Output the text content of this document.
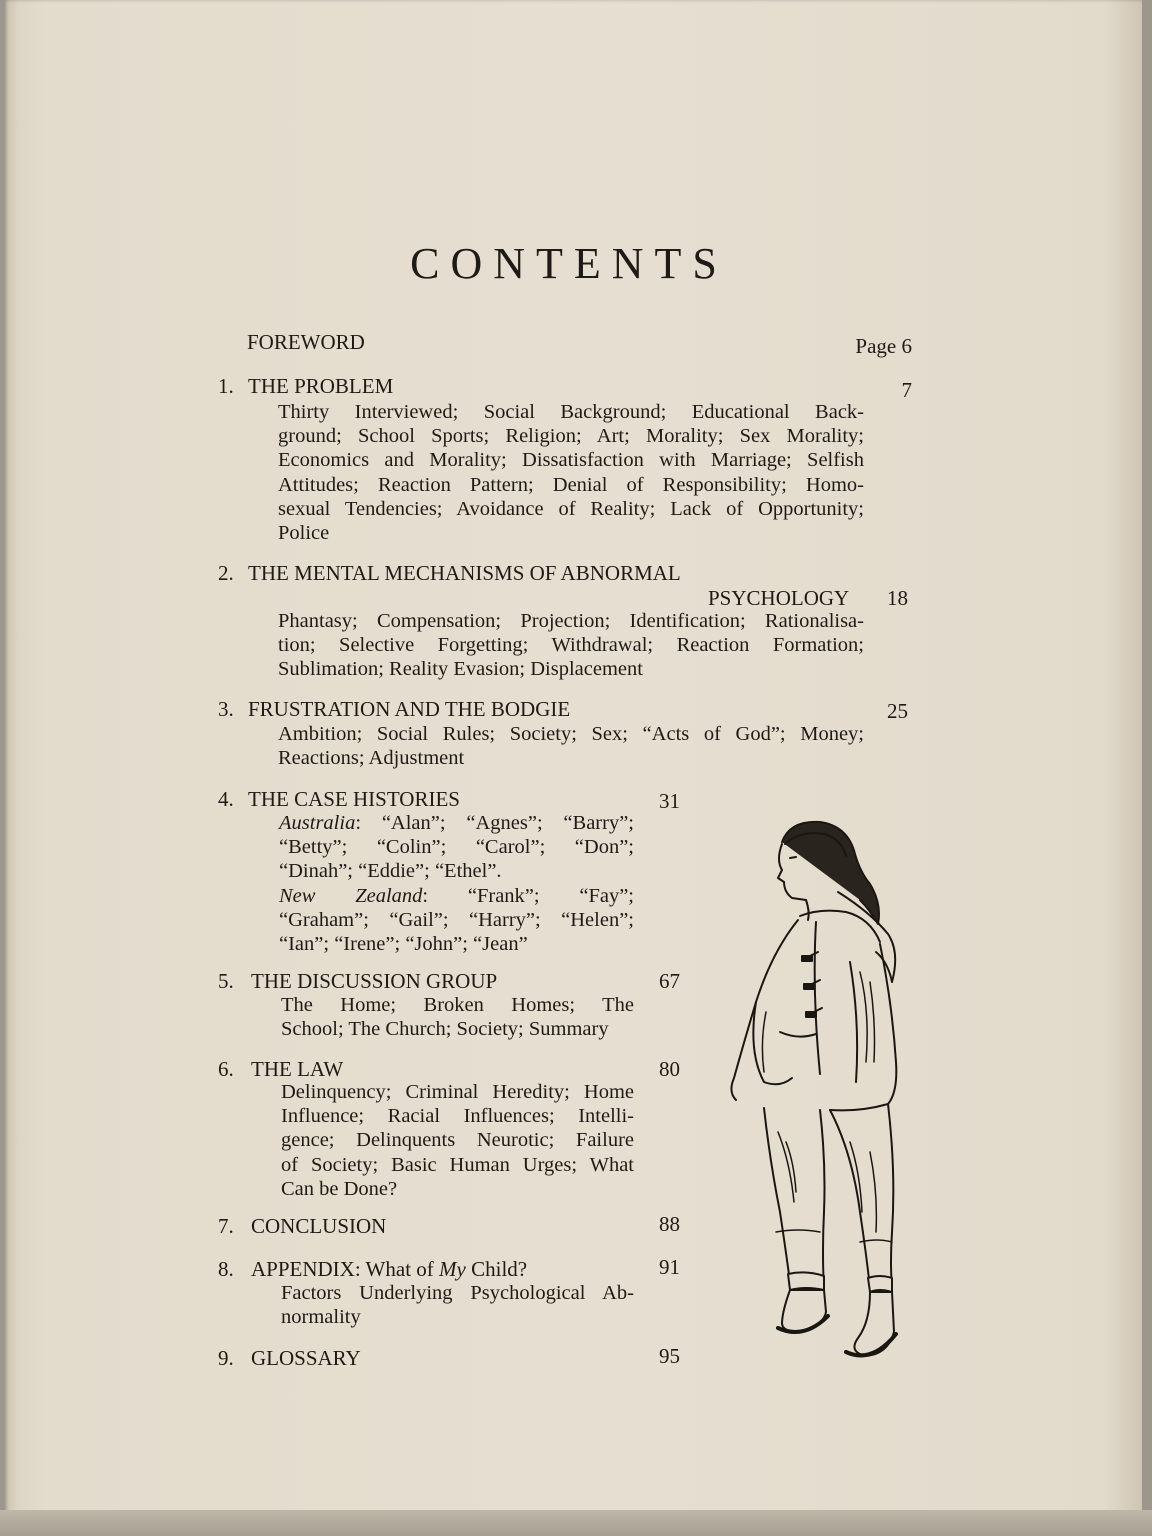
CONTENTS
FOREWORD	Page 6
1. THE PROBLEM	7
Thirty Interviewed; Social Background; Educational Back-
ground; School Sports; Religion; Art; Morality; Sex Morality;
Economics and Morality; Dissatisfaction with Marriage; Selfish
Attitudes; Reaction Pattern; Denial of Responsibility; Homo-
sexual Tendencies; Avoidance of Reality; Lack of Opportunity;
Police
2. THE MENTAL MECHANISMS OF ABNORMAL
PSYCHOLOGY	18
Phantasy; Compensation; Projection; Identification; Rationalisa-
tion; Selective Forgetting; Withdrawal; Reaction Formation;
Sublimation; Reality Evasion; Displacement
3. FRUSTRATION AND THE BODGIE	25
Ambition; Social Rules; Society; Sex; “Acts of God”; Money;
Reactions; Adjustment
4. THE CASE HISTORIES	31
Australia: “Alan”; “Agnes”; “Barry”;
“Betty”; “Colin”; “Carol”; “Don”;
“Dinah”; “Eddie”; “Ethel”.
New Zealand: “Frank”; “Fay”;
“Graham”; “Gail”; “Harry”; “Helen”;
“Ian”; “Irene”; “John”; “Jean”
5. THE DISCUSSION GROUP	67
The Home; Broken Homes; The
School; The Church; Society; Summary
6. THE LAW	80
Delinquency; Criminal Heredity; Home
Influence; Racial Influences; Intelli-
gence; Delinquents Neurotic; Failure
of Society; Basic Human Urges; What
Can be Done?
7. CONCLUSION	88
8. APPENDIX: What of My Child?	91
Factors Underlying Psychological Ab-
normality
9. GLOSSARY	95
